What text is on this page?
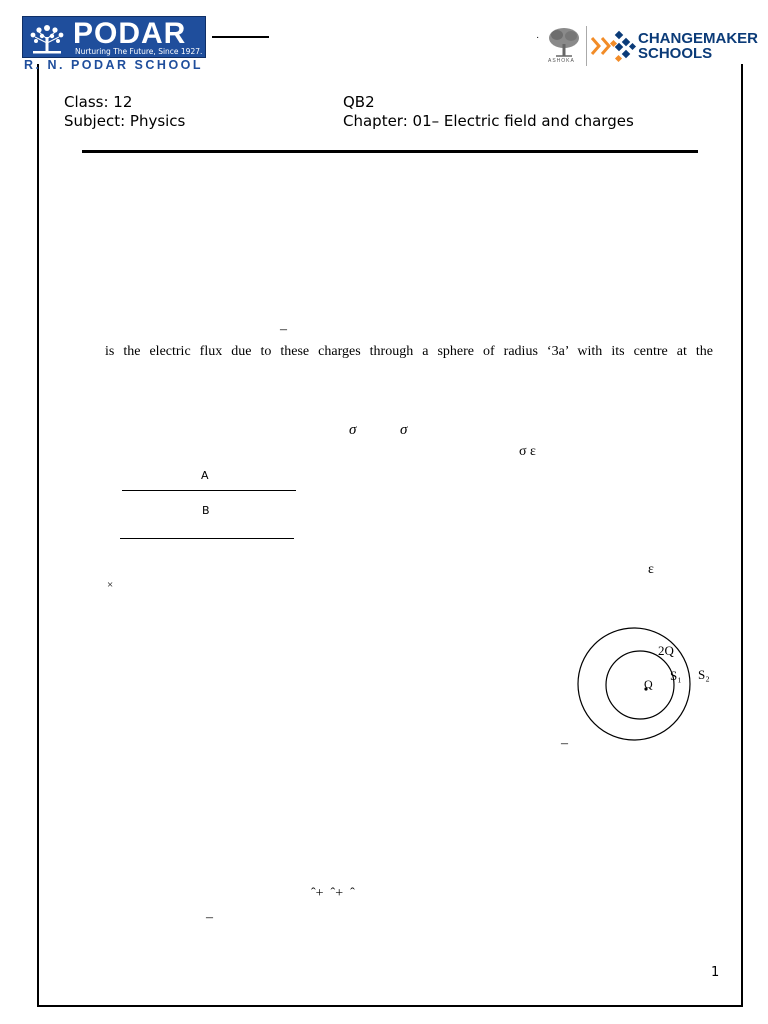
PODAR
Nurturing The Future, Since 1927.
R. N. PODAR SCHOOL
·
ASHOKA
CHANGEMAKER
SCHOOLS
Class: 12
Subject: Physics
QB2
Chapter: 01– Electric field and charges
–
is the electric flux due to these charges through a sphere of radius ‘3a’ with its centre at the
σ	σ
σ ε
A
B
×
ε
2Q
Q
S₁ S₂
–
ˆ+  ˆ+  ˆ
–
1
